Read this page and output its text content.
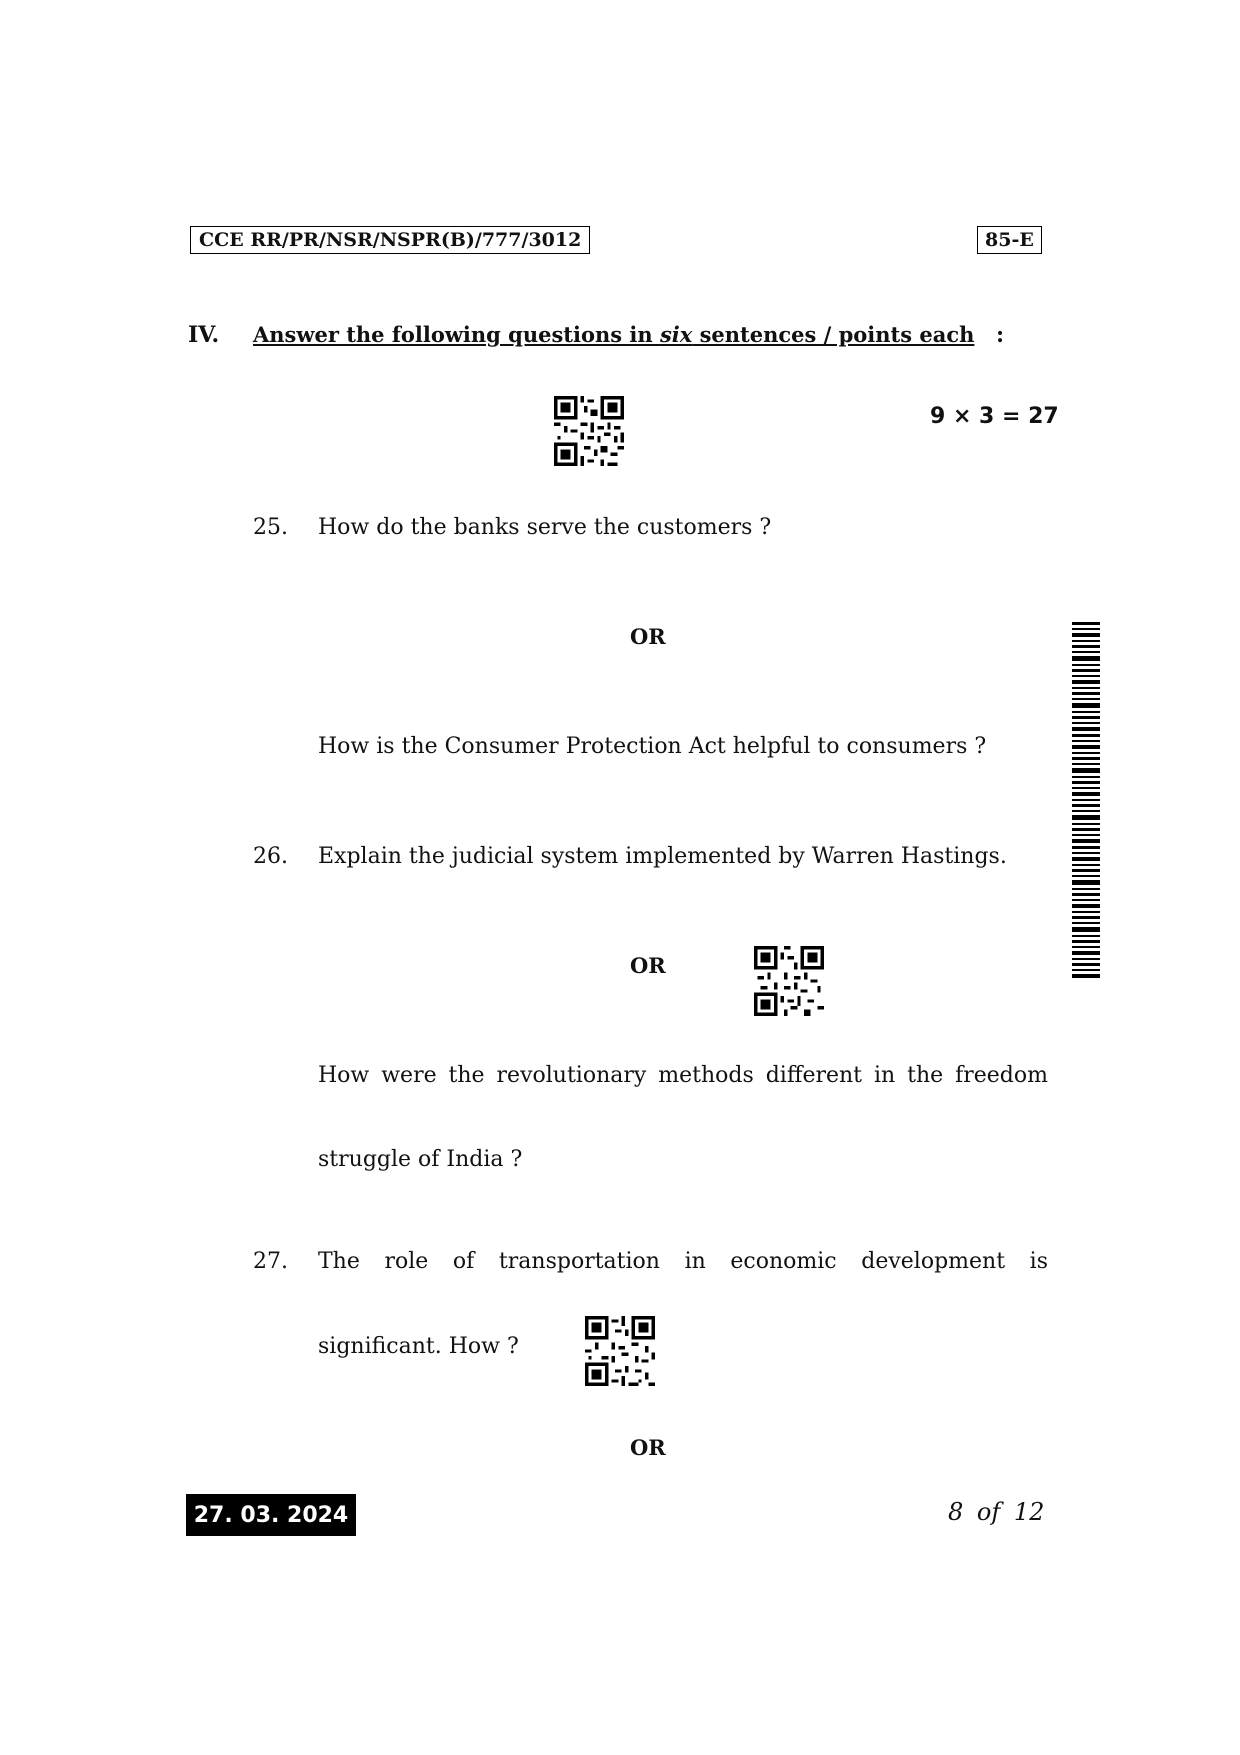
CCE RR/PR/NSR/NSPR(B)/777/3012	85-E
IV. Answer the following questions in six sentences / points each :
9 × 3 = 27
25. How do the banks serve the customers ?
OR
How is the Consumer Protection Act helpful to consumers ?
26. Explain the judicial system implemented by Warren Hastings.
OR
How were the revolutionary methods different in the freedom
struggle of India ?
27. The role of transportation in economic development is
significant. How ?
OR
27. 03. 2024	8 of 12
